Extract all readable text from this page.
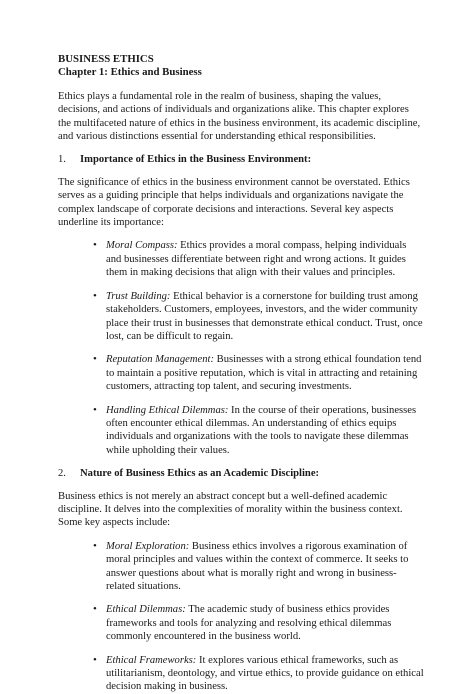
BUSINESS ETHICS

Chapter 1: Ethics and Business

Ethics plays a fundamental role in the realm of business, shaping the values, decisions, and actions of individuals and organizations alike. This chapter explores the multifaceted nature of ethics in the business environment, its academic discipline, and various distinctions essential for understanding ethical responsibilities.

1.	Importance of Ethics in the Business Environment:

The significance of ethics in the business environment cannot be overstated. Ethics serves as a guiding principle that helps individuals and organizations navigate the complex landscape of corporate decisions and interactions. Several key aspects underline its importance:

• Moral Compass: Ethics provides a moral compass, helping individuals and businesses differentiate between right and wrong actions. It guides them in making decisions that align with their values and principles.
• Trust Building: Ethical behavior is a cornerstone for building trust among stakeholders. Customers, employees, investors, and the wider community place their trust in businesses that demonstrate ethical conduct. Trust, once lost, can be difficult to regain.
• Reputation Management: Businesses with a strong ethical foundation tend to maintain a positive reputation, which is vital in attracting and retaining customers, attracting top talent, and securing investments.
• Handling Ethical Dilemmas: In the course of their operations, businesses often encounter ethical dilemmas. An understanding of ethics equips individuals and organizations with the tools to navigate these dilemmas while upholding their values.
2.	Nature of Business Ethics as an Academic Discipline:

Business ethics is not merely an abstract concept but a well-defined academic discipline. It delves into the complexities of morality within the business context. Some key aspects include:

• Moral Exploration: Business ethics involves a rigorous examination of moral principles and values within the context of commerce. It seeks to answer questions about what is morally right and wrong in business-related situations.
• Ethical Dilemmas: The academic study of business ethics provides frameworks and tools for analyzing and resolving ethical dilemmas commonly encountered in the business world.
• Ethical Frameworks: It explores various ethical frameworks, such as utilitarianism, deontology, and virtue ethics, to provide guidance on ethical decision making in business.
